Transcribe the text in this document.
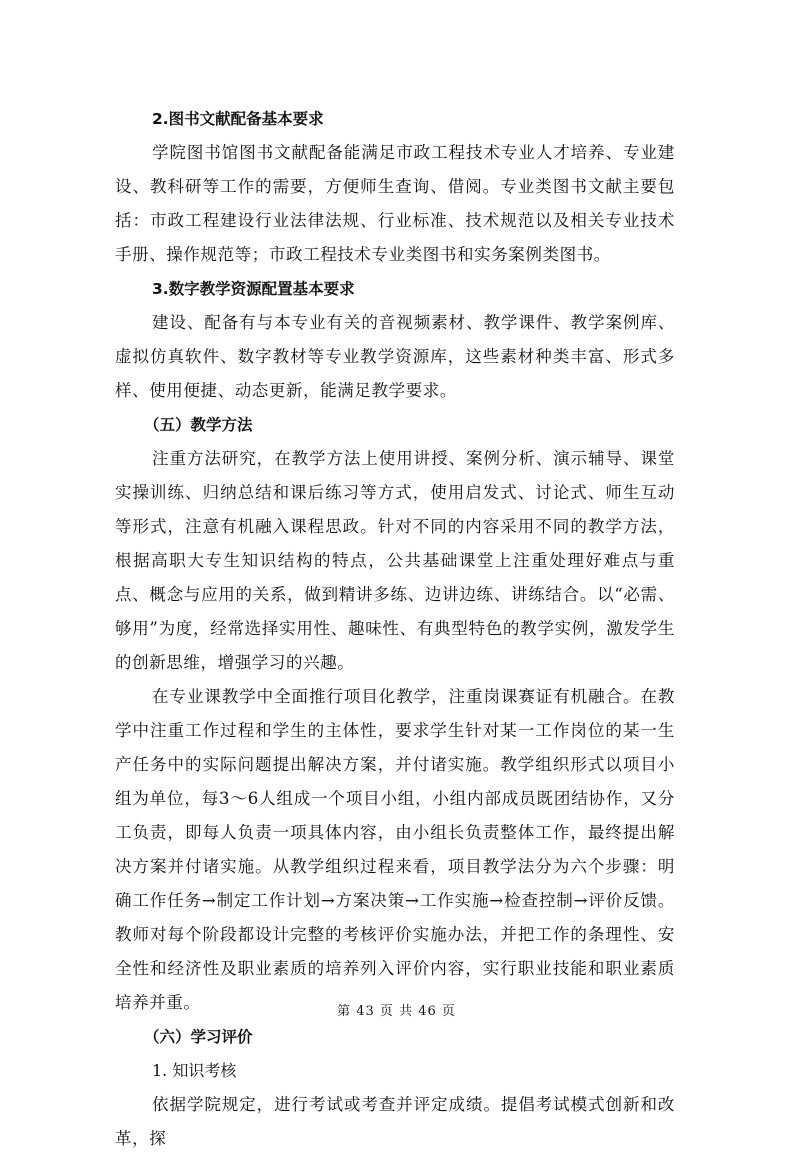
2.图书文献配备基本要求

学院图书馆图书文献配备能满足市政工程技术专业人才培养、专业建设、教科研等工作的需要，方便师生查询、借阅。专业类图书文献主要包括：市政工程建设行业法律法规、行业标准、技术规范以及相关专业技术手册、操作规范等；市政工程技术专业类图书和实务案例类图书。

3.数字教学资源配置基本要求

建设、配备有与本专业有关的音视频素材、教学课件、教学案例库、虚拟仿真软件、数字教材等专业教学资源库，这些素材种类丰富、形式多样、使用便捷、动态更新，能满足教学要求。

（五）教学方法

注重方法研究，在教学方法上使用讲授、案例分析、演示辅导、课堂实操训练、归纳总结和课后练习等方式，使用启发式、讨论式、师生互动等形式，注意有机融入课程思政。针对不同的内容采用不同的教学方法，根据高职大专生知识结构的特点，公共基础课堂上注重处理好难点与重点、概念与应用的关系，做到精讲多练、边讲边练、讲练结合。以“必需、够用”为度，经常选择实用性、趣味性、有典型特色的教学实例，激发学生的创新思维，增强学习的兴趣。

在专业课教学中全面推行项目化教学，注重岗课赛证有机融合。在教学中注重工作过程和学生的主体性，要求学生针对某一工作岗位的某一生产任务中的实际问题提出解决方案，并付诸实施。教学组织形式以项目小组为单位，每3～6人组成一个项目小组，小组内部成员既团结协作，又分工负责，即每人负责一项具体内容，由小组长负责整体工作，最终提出解决方案并付诸实施。从教学组织过程来看，项目教学法分为六个步骤：明确工作任务→制定工作计划→方案决策→工作实施→检查控制→评价反馈。教师对每个阶段都设计完整的考核评价实施办法，并把工作的条理性、安全性和经济性及职业素质的培养列入评价内容，实行职业技能和职业素质培养并重。

（六）学习评价
1. 知识考核

依据学院规定，进行考试或考查并评定成绩。提倡考试模式创新和改革，探

第 43 页 共 46 页
